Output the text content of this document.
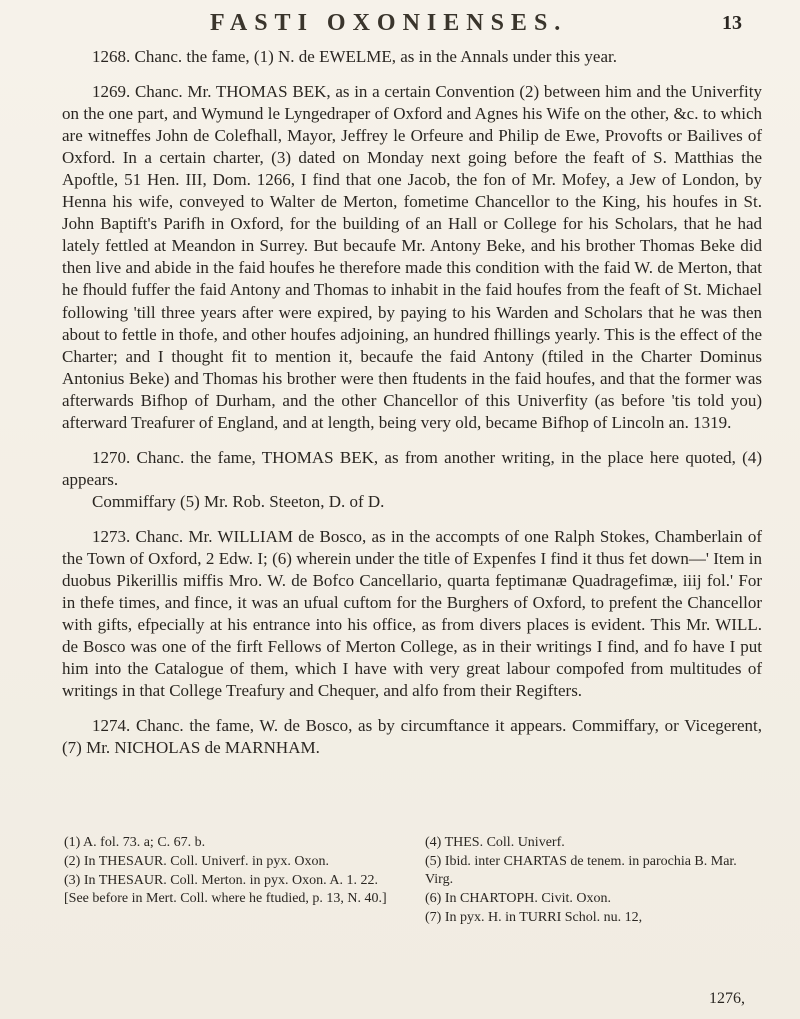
FASTI OXONIENSES.	13

1268. Chanc. the fame, (1) N. de EWELME, as in the Annals under this year.

1269. Chanc. Mr. THOMAS BEK, as in a certain Convention (2) between him and the Univerfity on the one part, and Wymund le Lyngedraper of Oxford and Agnes his Wife on the other, &c. to which are witneffes John de Colefhall, Mayor, Jeffrey le Orfeure and Philip de Ewe, Provofts or Bailives of Oxford. In a certain charter, (3) dated on Monday next going before the feaft of S. Matthias the Apoftle, 51 Hen. III, Dom. 1266, I find that one Jacob, the fon of Mr. Mofey, a Jew of London, by Henna his wife, conveyed to Walter de Merton, fometime Chancellor to the King, his houfes in St. John Baptift's Parifh in Oxford, for the building of an Hall or College for his Scholars, that he had lately fettled at Meandon in Surrey. But becaufe Mr. Antony Beke, and his brother Thomas Beke did then live and abide in the faid houfes he therefore made this condition with the faid W. de Merton, that he fhould fuffer the faid Antony and Thomas to inhabit in the faid houfes from the feaft of St. Michael following 'till three years after were expired, by paying to his Warden and Scholars that he was then about to fettle in thofe, and other houfes adjoining, an hundred fhillings yearly. This is the effect of the Charter; and I thought fit to mention it, becaufe the faid Antony (ftiled in the Charter Dominus Antonius Beke) and Thomas his brother were then ftudents in the faid houfes, and that the former was afterwards Bifhop of Durham, and the other Chancellor of this Univerfity (as before 'tis told you) afterward Treafurer of England, and at length, being very old, became Bifhop of Lincoln an. 1319.

1270. Chanc. the fame, THOMAS BEK, as from another writing, in the place here quoted, (4) appears.

Commiffary (5) Mr. Rob. Steeton, D. of D.

1273. Chanc. Mr. WILLIAM de Bosco, as in the accompts of one Ralph Stokes, Chamberlain of the Town of Oxford, 2 Edw. I; (6) wherein under the title of Expenfes I find it thus fet down—' Item in duobus Pikerillis miffis Mro. W. de Bofco Cancellario, quarta feptimanæ Quadragefimæ, iiij fol.' For in thefe times, and fince, it was an ufual cuftom for the Burghers of Oxford, to prefent the Chancellor with gifts, efpecially at his entrance into his office, as from divers places is evident. This Mr. WILL. de Bosco was one of the firft Fellows of Merton College, as in their writings I find, and fo have I put him into the Catalogue of them, which I have with very great labour compofed from multitudes of writings in that College Treafury and Chequer, and alfo from their Regifters.

1274. Chanc. the fame, W. de Bosco, as by circumftance it appears. Commiffary, or Vicegerent, (7) Mr. NICHOLAS de MARNHAM.

(1) A. fol. 73. a; C. 67. b.

(2) In THESAUR. Coll. Univerf. in pyx. Oxon.

(3) In THESAUR. Coll. Merton. in pyx. Oxon. A. 1. 22. [See before in Mert. Coll. where he ftudied, p. 13, N. 40.]

(4) THES. Coll. Univerf.

(5) Ibid. inter CHARTAS de tenem. in parochia B. Mar. Virg.

(6) In CHARTOPH. Civit. Oxon.

(7) In pyx. H. in TURRI Schol. nu. 12,

1276,
